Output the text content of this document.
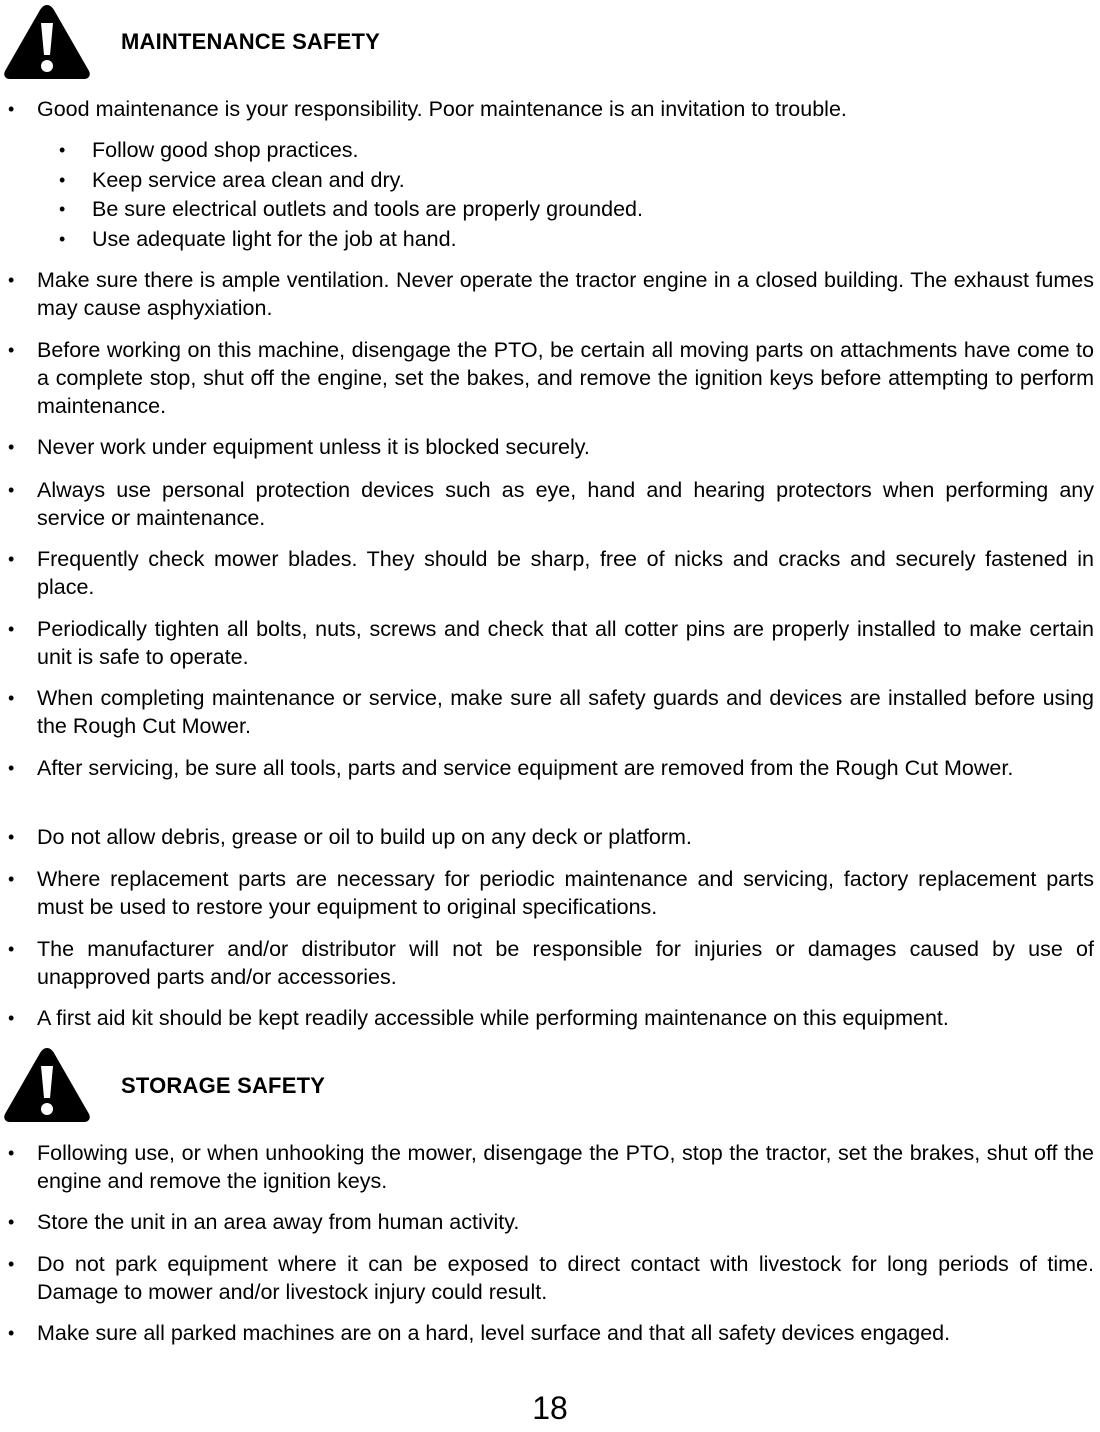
MAINTENANCE SAFETY
• Good maintenance is your responsibility. Poor maintenance is an invitation to trouble.
• Follow good shop practices.
• Keep service area clean and dry.
• Be sure electrical outlets and tools are properly grounded.
• Use adequate light for the job at hand.
• Make sure there is ample ventilation. Never operate the tractor engine in a closed building. The exhaust fumes may cause asphyxiation.
• Before working on this machine, disengage the PTO, be certain all moving parts on attachments have come to a complete stop, shut off the engine, set the bakes, and remove the ignition keys before attempting to perform maintenance.
• Never work under equipment unless it is blocked securely.
• Always use personal protection devices such as eye, hand and hearing protectors when performing any service or maintenance.
• Frequently check mower blades. They should be sharp, free of nicks and cracks and securely fastened in place.
• Periodically tighten all bolts, nuts, screws and check that all cotter pins are properly installed to make certain unit is safe to operate.
• When completing maintenance or service, make sure all safety guards and devices are installed before using the Rough Cut Mower.
• After servicing, be sure all tools, parts and service equipment are removed from the Rough Cut Mower.
• Do not allow debris, grease or oil to build up on any deck or platform.
• Where replacement parts are necessary for periodic maintenance and servicing, factory replacement parts must be used to restore your equipment to original specifications.
• The manufacturer and/or distributor will not be responsible for injuries or damages caused by use of unapproved parts and/or accessories.
• A first aid kit should be kept readily accessible while performing maintenance on this equipment.
STORAGE SAFETY
• Following use, or when unhooking the mower, disengage the PTO, stop the tractor, set the brakes, shut off the engine and remove the ignition keys.
• Store the unit in an area away from human activity.
• Do not park equipment where it can be exposed to direct contact with livestock for long periods of time. Damage to mower and/or livestock injury could result.
• Make sure all parked machines are on a hard, level surface and that all safety devices engaged.
18
